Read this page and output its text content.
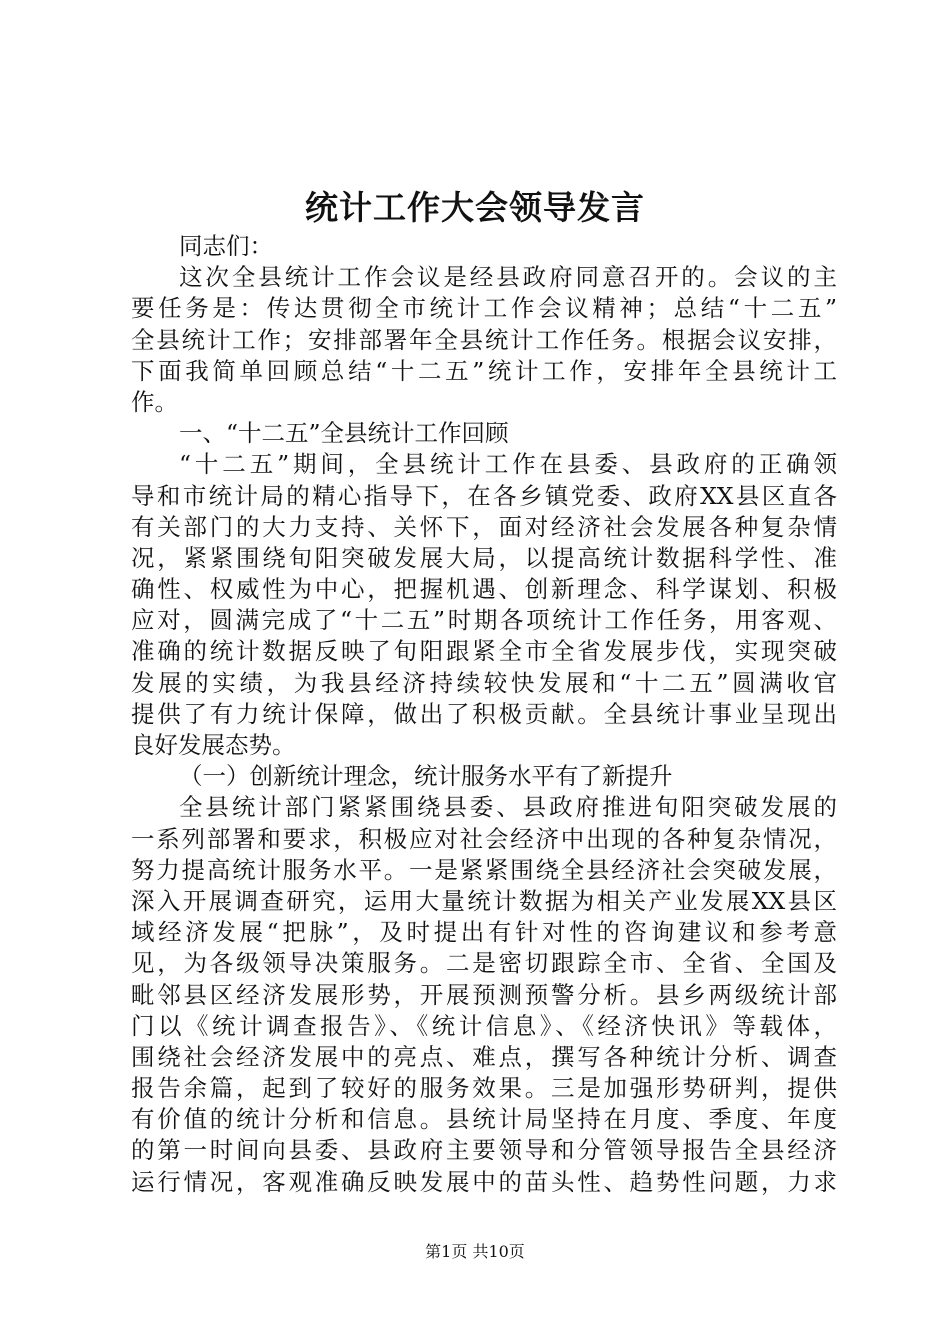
统计工作大会领导发言
同志们：
这次全县统计工作会议是经县政府同意召开的。会议的主
要任务是：传达贯彻全市统计工作会议精神；总结“十二五”
全县统计工作；安排部署年全县统计工作任务。根据会议安排，
下面我简单回顾总结“十二五”统计工作，安排年全县统计工
作。
一、“十二五”全县统计工作回顾
“十二五”期间，全县统计工作在县委、县政府的正确领
导和市统计局的精心指导下，在各乡镇党委、政府XX县区直各
有关部门的大力支持、关怀下，面对经济社会发展各种复杂情
况，紧紧围绕旬阳突破发展大局，以提高统计数据科学性、准
确性、权威性为中心，把握机遇、创新理念、科学谋划、积极
应对，圆满完成了“十二五”时期各项统计工作任务，用客观、
准确的统计数据反映了旬阳跟紧全市全省发展步伐，实现突破
发展的实绩，为我县经济持续较快发展和“十二五”圆满收官
提供了有力统计保障，做出了积极贡献。全县统计事业呈现出
良好发展态势。
（一）创新统计理念，统计服务水平有了新提升
全县统计部门紧紧围绕县委、县政府推进旬阳突破发展的
一系列部署和要求，积极应对社会经济中出现的各种复杂情况，
努力提高统计服务水平。一是紧紧围绕全县经济社会突破发展，
深入开展调查研究，运用大量统计数据为相关产业发展XX县区
域经济发展“把脉”，及时提出有针对性的咨询建议和参考意
见，为各级领导决策服务。二是密切跟踪全市、全省、全国及
毗邻县区经济发展形势，开展预测预警分析。县乡两级统计部
门以《统计调查报告》、《统计信息》、《经济快讯》等载体，
围绕社会经济发展中的亮点、难点，撰写各种统计分析、调查
报告余篇，起到了较好的服务效果。三是加强形势研判，提供
有价值的统计分析和信息。县统计局坚持在月度、季度、年度
的第一时间向县委、县政府主要领导和分管领导报告全县经济
运行情况，客观准确反映发展中的苗头性、趋势性问题，力求
第1页 共10页
